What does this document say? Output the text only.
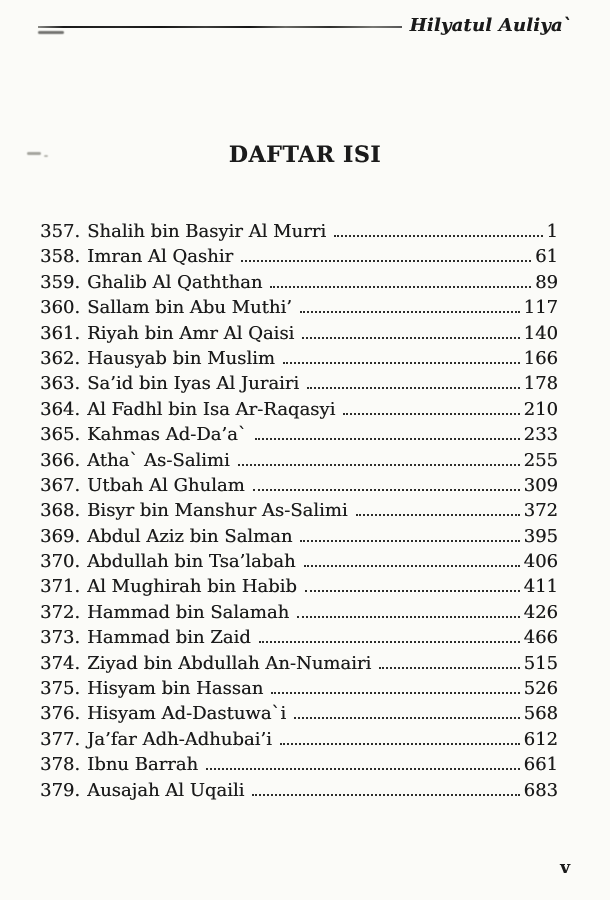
Hilyatul Auliya`
DAFTAR ISI
357. Shalih bin Basyir Al Murri	1
358. Imran Al Qashir	61
359. Ghalib Al Qaththan	89
360. Sallam bin Abu Muthi’	117
361. Riyah bin Amr Al Qaisi	140
362. Hausyab bin Muslim	166
363. Sa’id bin Iyas Al Jurairi	178
364. Al Fadhl bin Isa Ar-Raqasyi	210
365. Kahmas Ad-Da’a`	233
366. Atha` As-Salimi	255
367. Utbah Al Ghulam	309
368. Bisyr bin Manshur As-Salimi	372
369. Abdul Aziz bin Salman	395
370. Abdullah bin Tsa’labah	406
371. Al Mughirah bin Habib	411
372. Hammad bin Salamah	426
373. Hammad bin Zaid	466
374. Ziyad bin Abdullah An-Numairi	515
375. Hisyam bin Hassan	526
376. Hisyam Ad-Dastuwa`i	568
377. Ja’far Adh-Adhubai’i	612
378. Ibnu Barrah	661
379. Ausajah Al Uqaili	683
v
